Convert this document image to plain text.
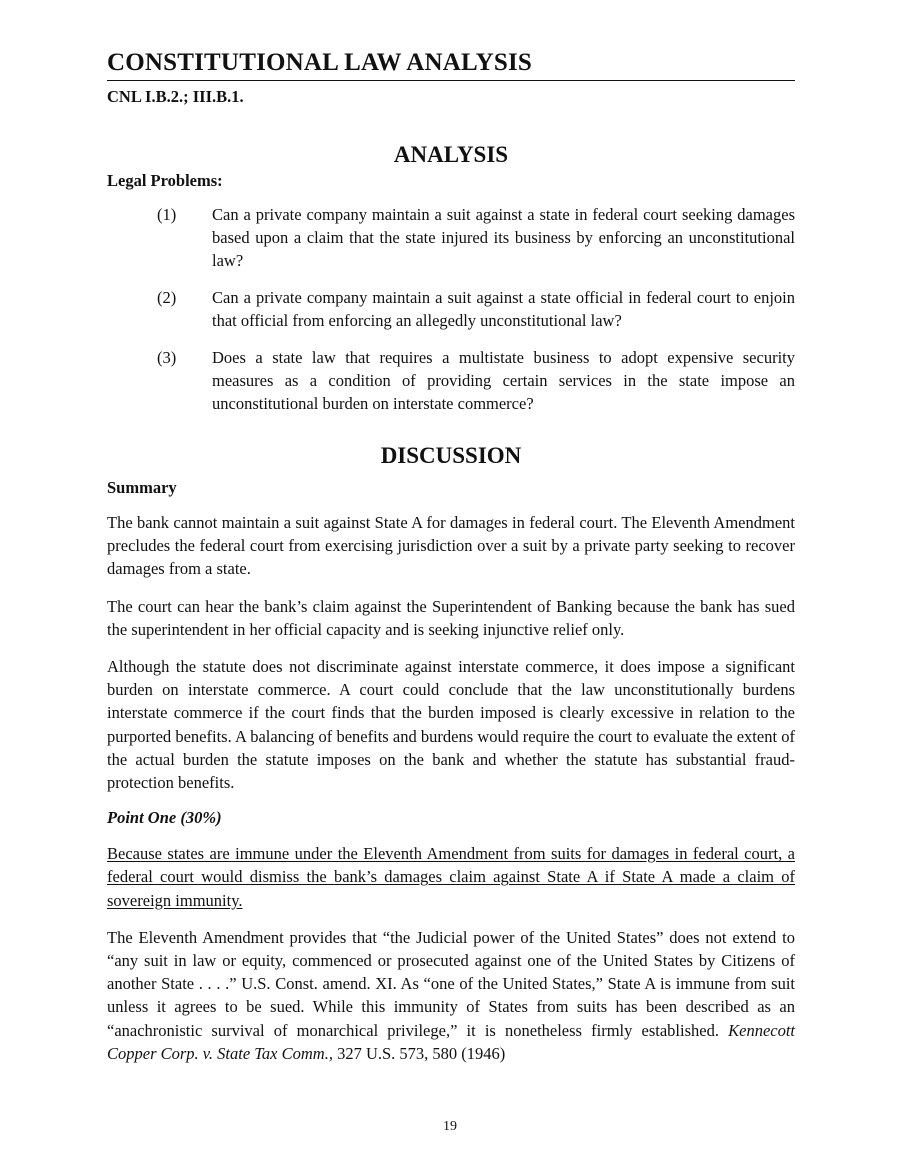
CONSTITUTIONAL LAW ANALYSIS
CNL I.B.2.; III.B.1.
ANALYSIS
Legal Problems:
(1)	Can a private company maintain a suit against a state in federal court seeking damages based upon a claim that the state injured its business by enforcing an unconstitutional law?
(2)	Can a private company maintain a suit against a state official in federal court to enjoin that official from enforcing an allegedly unconstitutional law?
(3)	Does a state law that requires a multistate business to adopt expensive security measures as a condition of providing certain services in the state impose an unconstitutional burden on interstate commerce?
DISCUSSION
Summary

The bank cannot maintain a suit against State A for damages in federal court. The Eleventh Amendment precludes the federal court from exercising jurisdiction over a suit by a private party seeking to recover damages from a state.

The court can hear the bank’s claim against the Superintendent of Banking because the bank has sued the superintendent in her official capacity and is seeking injunctive relief only.

Although the statute does not discriminate against interstate commerce, it does impose a significant burden on interstate commerce. A court could conclude that the law unconstitutionally burdens interstate commerce if the court finds that the burden imposed is clearly excessive in relation to the purported benefits. A balancing of benefits and burdens would require the court to evaluate the extent of the actual burden the statute imposes on the bank and whether the statute has substantial fraud-protection benefits.

Point One (30%)

Because states are immune under the Eleventh Amendment from suits for damages in federal court, a federal court would dismiss the bank’s damages claim against State A if State A made a claim of sovereign immunity.

The Eleventh Amendment provides that “the Judicial power of the United States” does not extend to “any suit in law or equity, commenced or prosecuted against one of the United States by Citizens of another State . . . .” U.S. Const. amend. XI. As “one of the United States,” State A is immune from suit unless it agrees to be sued. While this immunity of States from suits has been described as an “anachronistic survival of monarchical privilege,” it is nonetheless firmly established. Kennecott Copper Corp. v. State Tax Comm., 327 U.S. 573, 580 (1946)

19
